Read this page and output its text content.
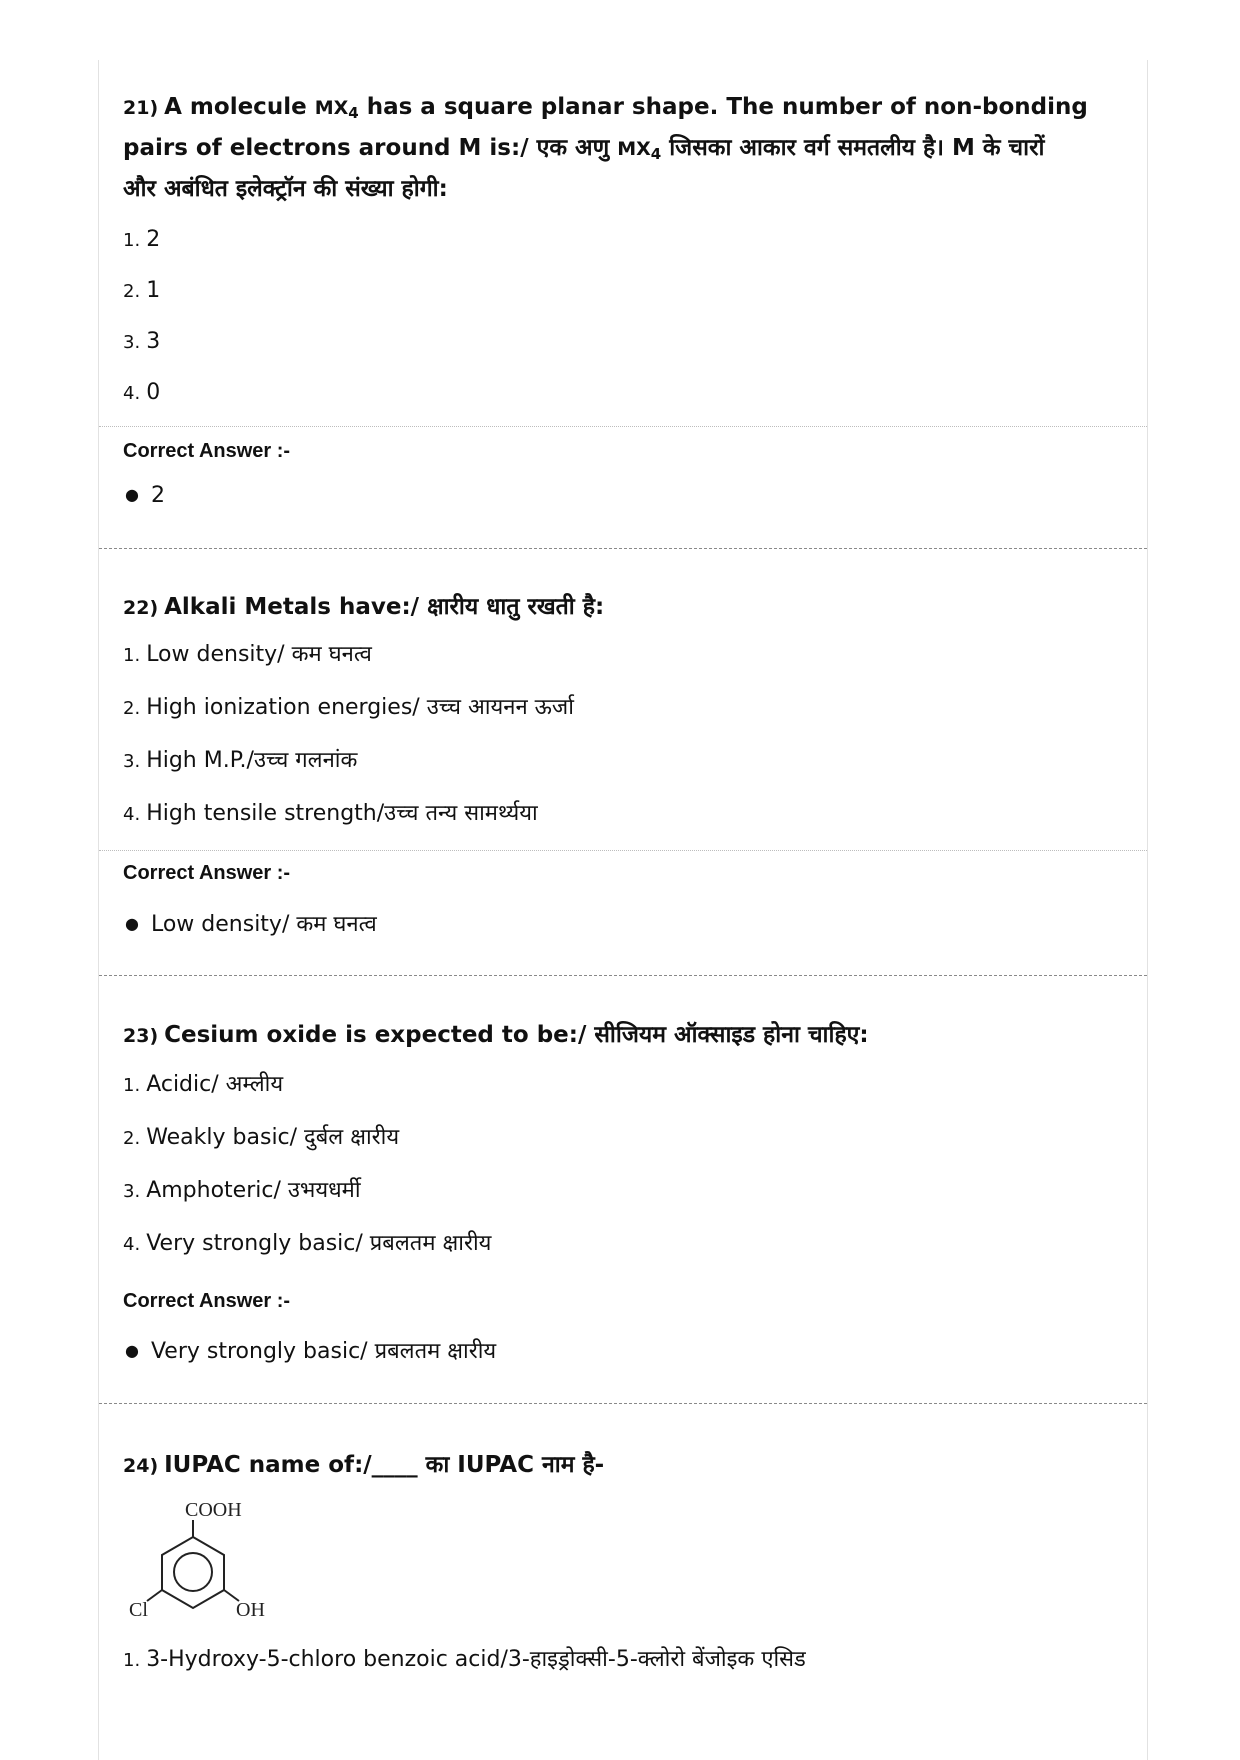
21) A molecule $MX_4$ has a square planar shape. The number of non-bonding
pairs of electrons around M is:/ एक अणु $MX_4$ जिसका आकार वर्ग समतलीय है। M के चारों
और अबंधित इलेक्ट्रॉन की संख्या होगी:
1. 2
2. 1
3. 3
4. 0
Correct Answer :-
● 2
22) Alkali Metals have:/ क्षारीय धातु रखती है:
1. Low density/ कम घनत्व
2. High ionization energies/ उच्च आयनन ऊर्जा
3. High M.P./उच्च गलनांक
4. High tensile strength/उच्च तन्य सामर्थ्यया
Correct Answer :-
● Low density/ कम घनत्व
23) Cesium oxide is expected to be:/ सीजियम ऑक्साइड होना चाहिए:
1. Acidic/ अम्लीय
2. Weakly basic/ दुर्बल क्षारीय
3. Amphoteric/ उभयधर्मी
4. Very strongly basic/ प्रबलतम क्षारीय
Correct Answer :-
● Very strongly basic/ प्रबलतम क्षारीय
24) IUPAC name of:/____ का IUPAC नाम है-
COOH
Cl	OH
1. 3-Hydroxy-5-chloro benzoic acid/3-हाइड्रोक्सी-5-क्लोरो बेंजोइक एसिड
